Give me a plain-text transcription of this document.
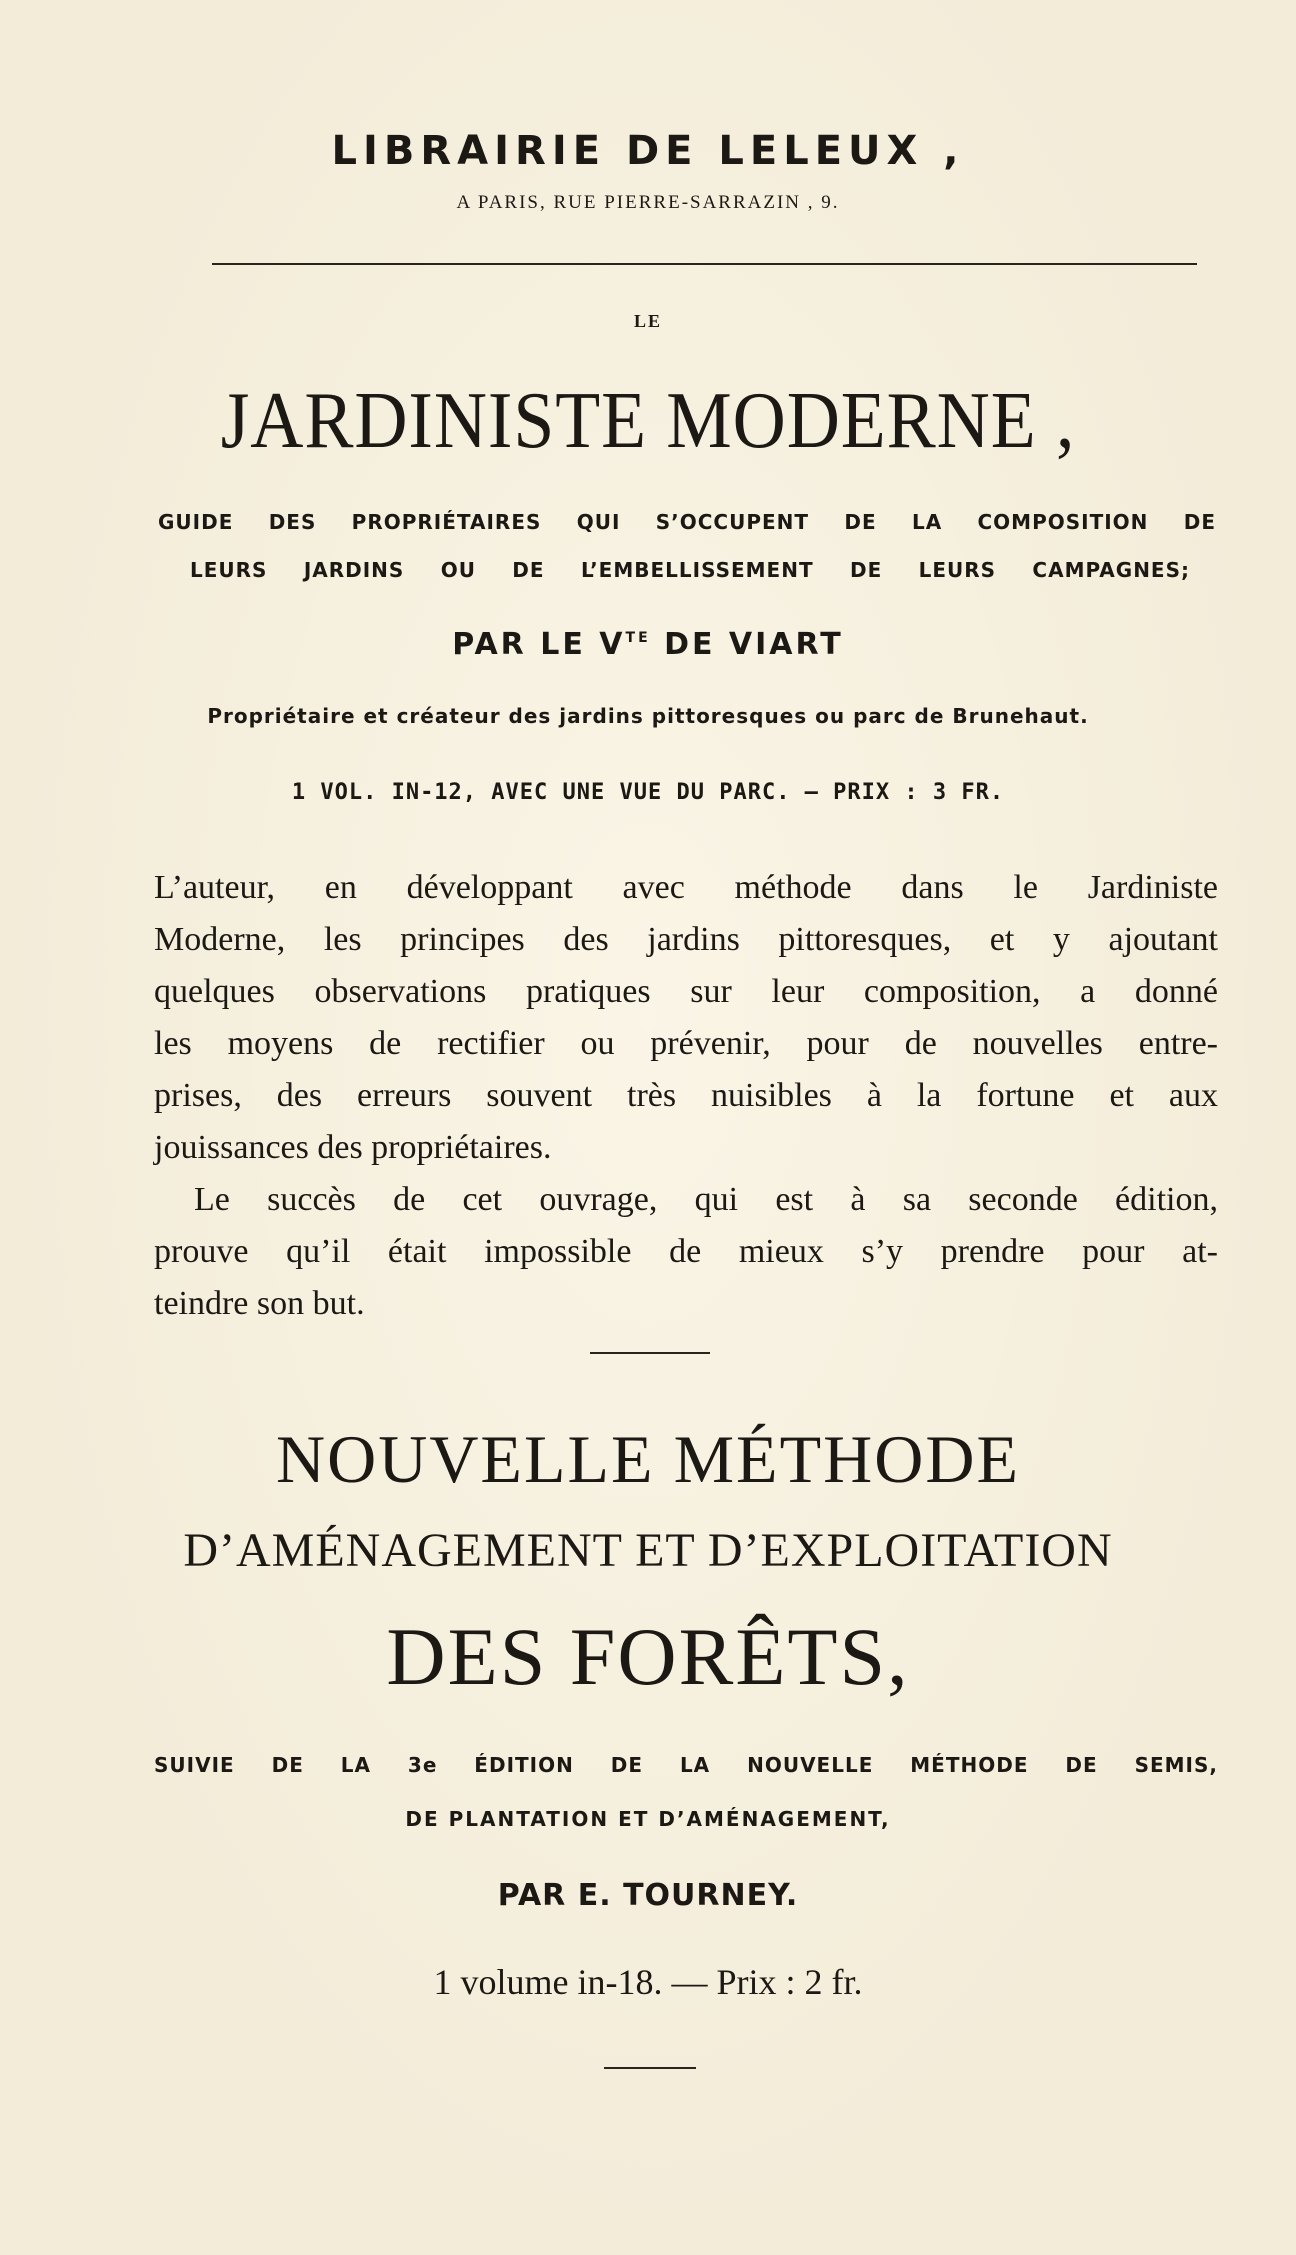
LIBRAIRIE DE LELEUX ,
A PARIS, RUE PIERRE-SARRAZIN , 9.
LE
JARDINISTE MODERNE ,
GUIDE DES PROPRIÉTAIRES QUI S’OCCUPENT DE LA COMPOSITION DE
LEURS JARDINS OU DE L’EMBELLISSEMENT DE LEURS CAMPAGNES;
PAR LE $V^{TE}$ DE VIART
Propriétaire et créateur des jardins pittoresques ou parc de Brunehaut.
1 VOL. IN-12, AVEC UNE VUE DU PARC. — PRIX : 3 FR.
L’auteur, en développant avec méthode dans le Jardiniste
Moderne, les principes des jardins pittoresques, et y ajoutant
quelques observations pratiques sur leur composition, a donné
les moyens de rectifier ou prévenir, pour de nouvelles entre-
prises, des erreurs souvent très nuisibles à la fortune et aux
jouissances des propriétaires.
Le succès de cet ouvrage, qui est à sa seconde édition,
prouve qu’il était impossible de mieux s’y prendre pour at-
teindre son but.
NOUVELLE MÉTHODE
D’AMÉNAGEMENT ET D’EXPLOITATION
DES FORÊTS,
SUIVIE DE LA 3e ÉDITION DE LA NOUVELLE MÉTHODE DE SEMIS,
DE PLANTATION ET D’AMÉNAGEMENT,
PAR E. TOURNEY.
1 volume in-18. — Prix : 2 fr.
